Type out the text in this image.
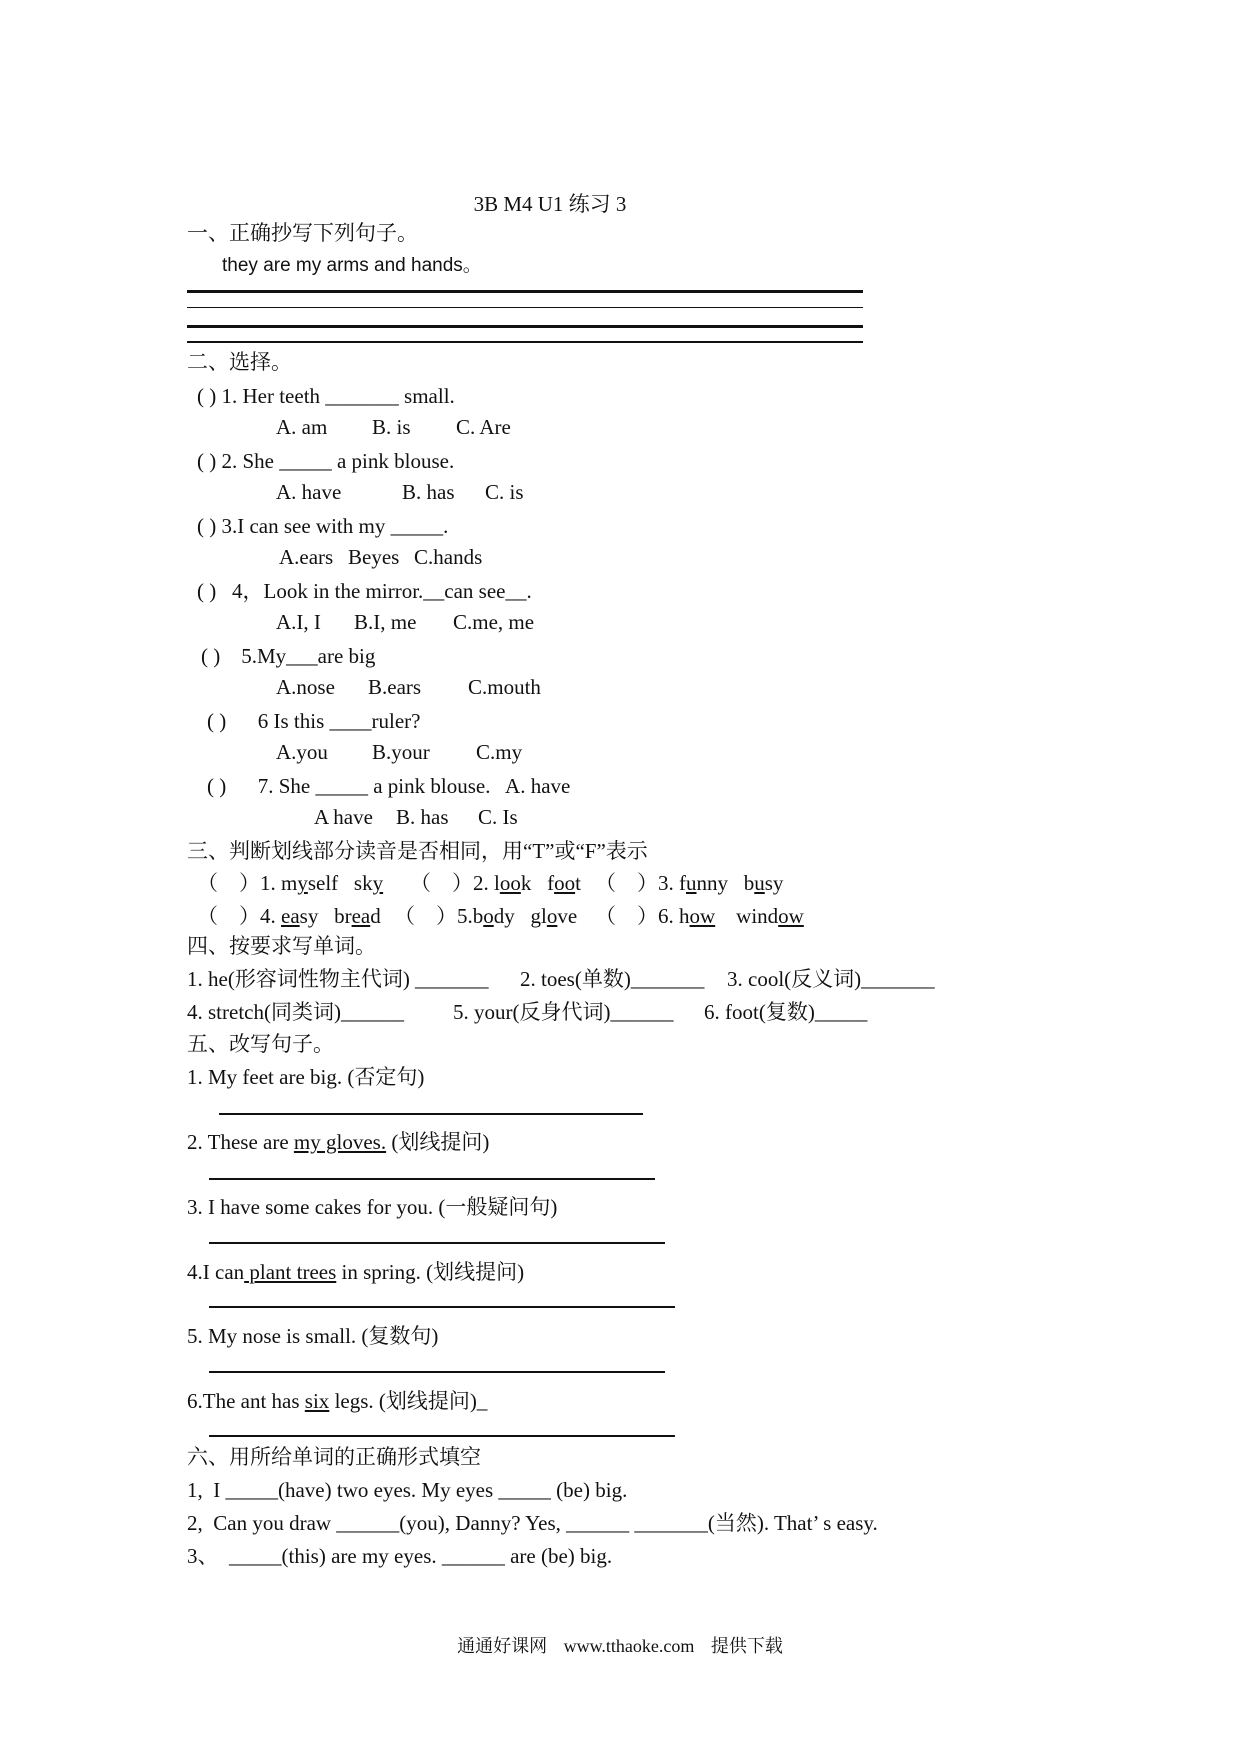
3B M4 U1 练习 3
一、正确抄写下列句子。
they are my arms and hands。
二、选择。
( ) 1. Her teeth _______ small.
A. am B. is C. Are
( ) 2. She _____ a pink blouse.
A. have	B. has C. is
( ) 3.I can see with my _____.
A.ears Beyes C.hands
( )   4，Look in the mirror.__can see__.
A.I, I B.I, me C.me, me
( )    5.My___are big
A.nose B.ears C.mouth
( )      6 Is this ____ruler?
A.you B.your C.my
( )      7. She _____ a pink blouse.   A. have
A have B. has C. Is
三、判断划线部分读音是否相同，用“T”或“F”表示
（    ）1. myself sky （    ）2. look foot （    ）3. funny busy
（    ）4. easy bread （    ）5.body glove （    ）6. how window
四、按要求写单词。
1. he(形容词性物主代词) _______ 2. toes(单数)_______ 3. cool(反义词)_______
4. stretch(同类词)______ 5. your(反身代词)______ 6. foot(复数)_____
五、改写句子。
1. My feet are big. (否定句)
2. These are my gloves. (划线提问)
3. I have some cakes for you. (一般疑问句)
4.I can plant trees in spring. (划线提问)
5. My nose is small. (复数句)
6.The ant has six legs. (划线提问)_
六、用所给单词的正确形式填空
1,  I _____(have) two eyes. My eyes _____ (be) big.
2,  Can you draw ______(you), Danny? Yes, ______ _______(当然). That’ s easy.
3、  _____(this) are my eyes. ______ are (be) big.
通通好课网 www.tthaoke.com 提供下载
